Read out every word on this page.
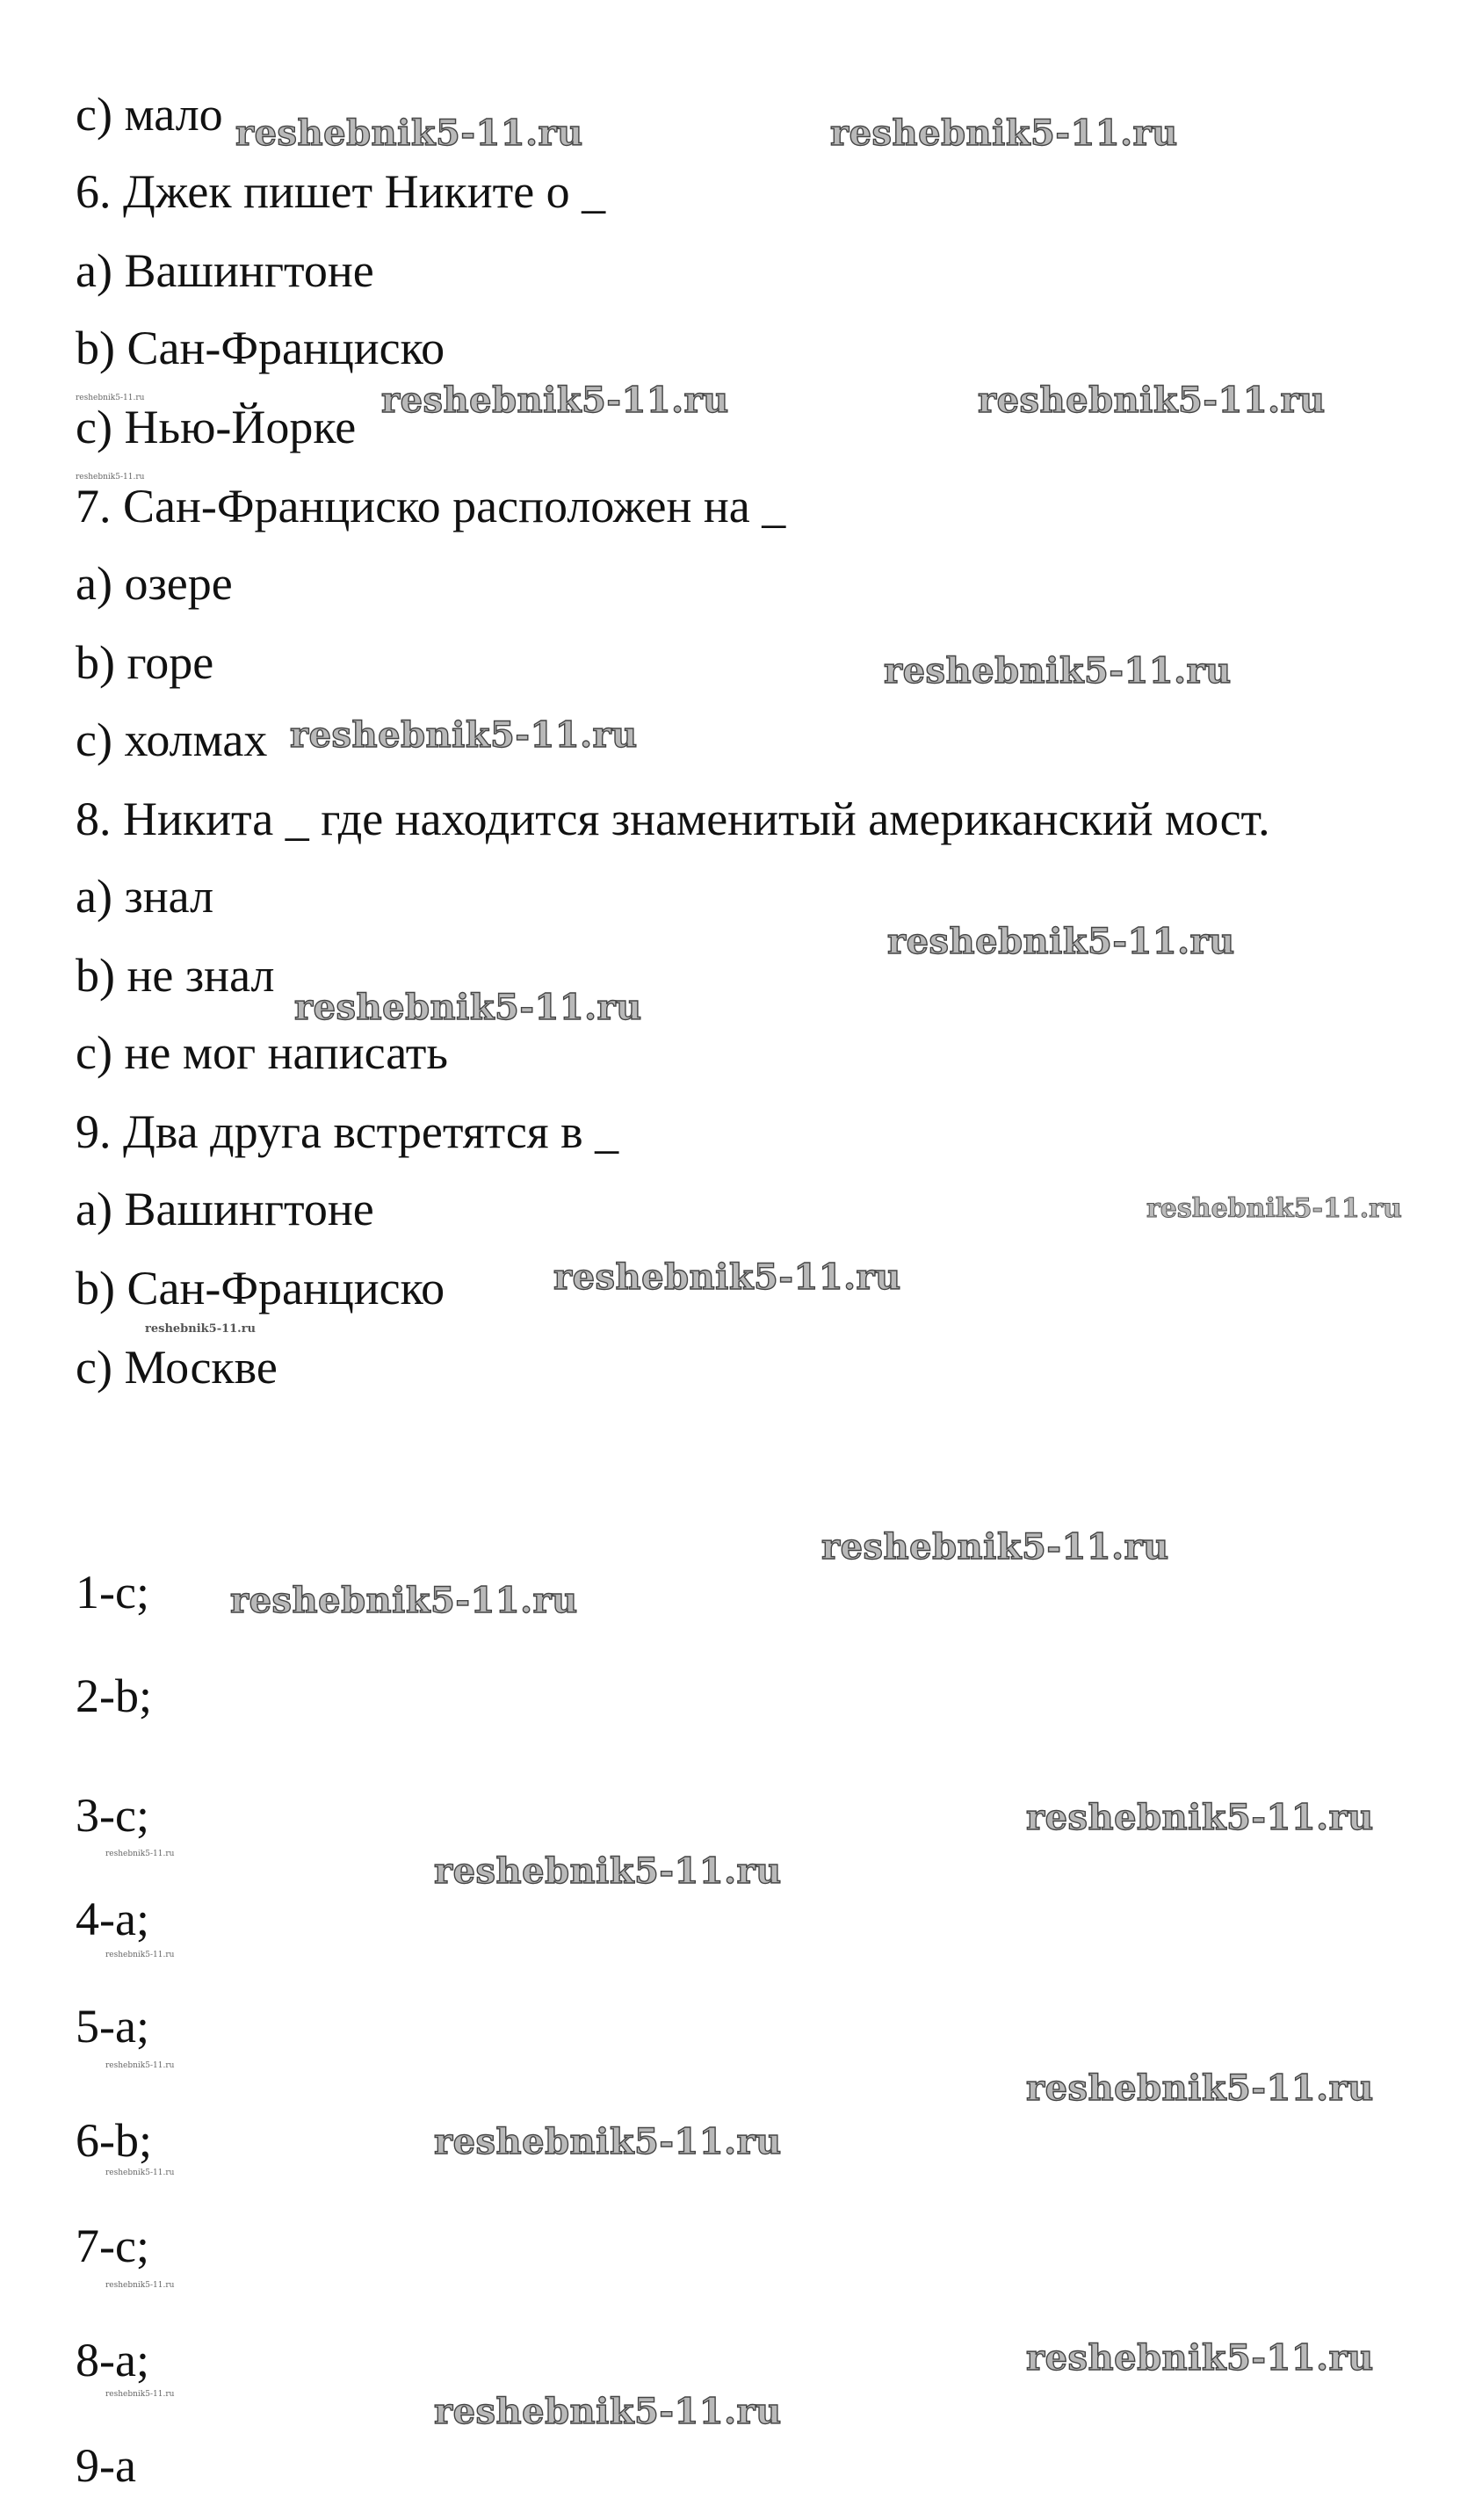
c) мало
6. Джек пишет Никите о _
a) Вашингтоне
b) Сан-Франциско
c) Нью-Йорке
7. Сан-Франциско расположен на _
a) озере
b) горе
c) холмах
8. Никита _ где находится знаменитый американский мост.
a) знал
b) не знал
c) не мог написать
9. Два друга встретятся в _
a) Вашингтоне
b) Сан-Франциско
c) Москве
1-c;
2-b;
3-c;
4-a;
5-a;
6-b;
7-c;
8-a;
9-a
reshebnik5-11.ru	reshebnik5-11.ru
reshebnik5-11.ru	reshebnik5-11.ru
reshebnik5-11.ru
reshebnik5-11.ru
reshebnik5-11.ru
reshebnik5-11.ru
reshebnik5-11.ru
reshebnik5-11.ru
reshebnik5-11.ru
reshebnik5-11.ru
reshebnik5-11.ru
reshebnik5-11.ru
reshebnik5-11.ru
reshebnik5-11.ru
reshebnik5-11.ru
reshebnik5-11.ru
reshebnik5-11.ru
reshebnik5-11.ru
reshebnik5-11.ru
reshebnik5-11.ru
reshebnik5-11.ru
reshebnik5-11.ru
reshebnik5-11.ru
reshebnik5-11.ru
reshebnik5-11.ru
